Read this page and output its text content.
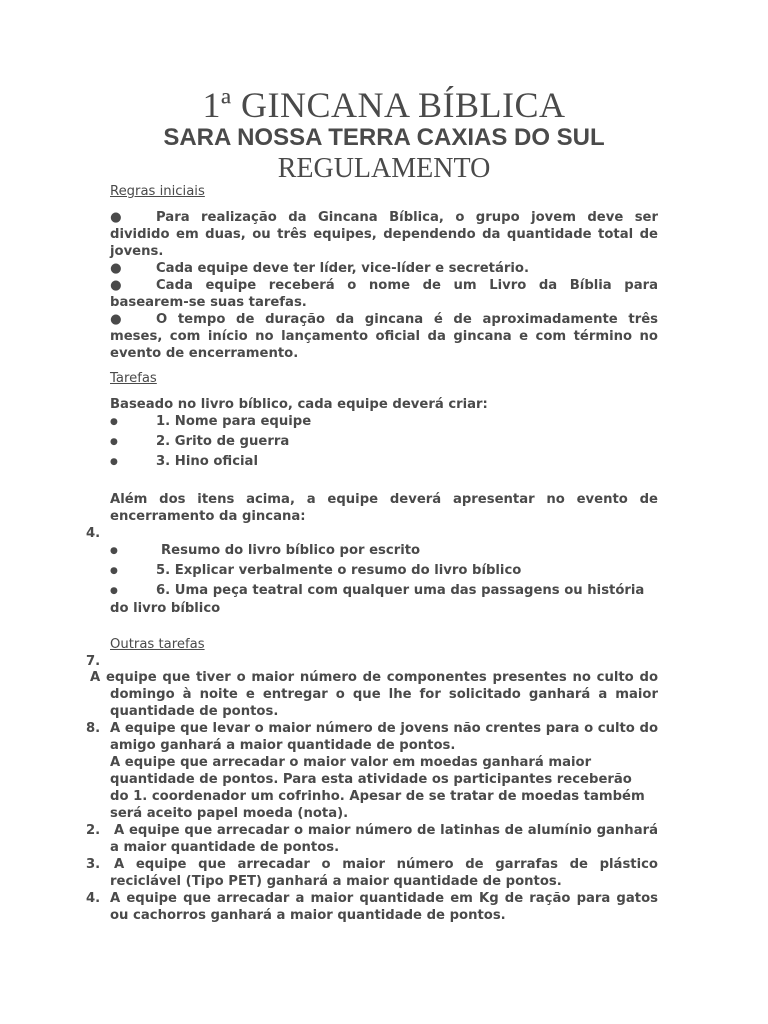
1ª GINCANA BÍBLICA
SARA NOSSA TERRA CAXIAS DO SUL
REGULAMENTO
Regras iniciais
●	Para realização da Gincana Bíblica, o grupo jovem deve ser dividido em duas, ou três equipes, dependendo da quantidade total de jovens.
●	Cada equipe deve ter líder, vice-líder e secretário.
●	Cada equipe receberá o nome de um Livro da Bíblia para basearem-se suas tarefas.
●	O tempo de duração da gincana é de aproximadamente três meses, com início no lançamento oficial da gincana e com término no evento de encerramento.
Tarefas
Baseado no livro bíblico, cada equipe deverá criar:
●	1. Nome para equipe
●	2. Grito de guerra
●	3. Hino oficial
Além dos itens acima, a equipe deverá apresentar no evento de encerramento da gincana:
4.
●	Resumo do livro bíblico por escrito
●	5. Explicar verbalmente o resumo do livro bíblico
●	6. Uma peça teatral com qualquer uma das passagens ou história do livro bíblico
Outras tarefas
7.
A equipe que tiver o maior número de componentes presentes no culto do domingo à noite e entregar o que lhe for solicitado ganhará a maior quantidade de pontos.
8. A equipe que levar o maior número de jovens não crentes para o culto do amigo ganhará a maior quantidade de pontos.
A equipe que arrecadar o maior valor em moedas ganhará maior
quantidade de pontos. Para esta atividade os participantes receberão
do 1. coordenador um cofrinho. Apesar de se tratar de moedas também
será aceito papel moeda (nota).
2.	A equipe que arrecadar o maior número de latinhas de alumínio ganhará a maior quantidade de pontos.
3.	A equipe que arrecadar o maior número de garrafas de plástico reciclável (Tipo PET) ganhará a maior quantidade de pontos.
4. A equipe que arrecadar a maior quantidade em Kg de ração para gatos ou cachorros ganhará a maior quantidade de pontos.
